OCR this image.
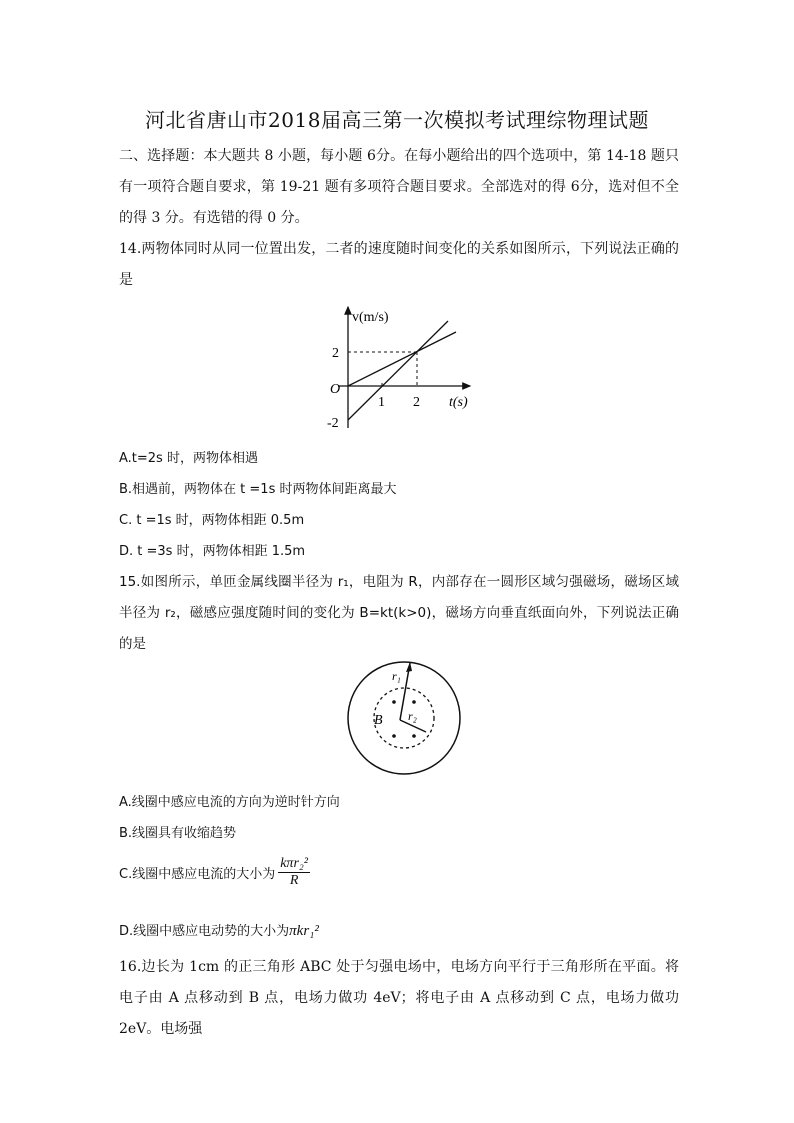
河北省唐山市2018届高三第一次模拟考试理综物理试题
二、选择题：本大题共 8 小题，每小题 6分。在每小题给出的四个选项中，第 14-18 题只有一项符合题自要求，第 19-21 题有多项符合题目要求。全部选对的得 6分，选对但不全的得 3 分。有选错的得 0 分。
14.两物体同时从同一位置出发，二者的速度随时间变化的关系如图所示，下列说法正确的是
v(m/s)
t(s)
O
2
-2
1 2
A.t=2s 时，两物体相遇
B.相遇前，两物体在 t =1s 时两物体间距离最大
C. t =1s 时，两物体相距 0.5m
D. t =3s 时，两物体相距 1.5m
15.如图所示，单匝金属线圈半径为 r₁，电阻为 R，内部存在一圆形区域匀强磁场，磁场区域半径为 r₂，磁感应强度随时间的变化为 B=kt(k>0)，磁场方向垂直纸面向外，下列说法正确的是
r₁
r₂
B
A.线圈中感应电流的方向为逆时针方向
B.线圈具有收缩趋势
C.线圈中感应电流的大小为 $\frac{\text{kπr₂²}}{R}$
D.线圈中感应电动势的大小为πkr₁²
16.边长为 1cm 的正三角形 ABC 处于匀强电场中，电场方向平行于三角形所在平面。将电子由 A 点移动到 B 点，电场力做功 4eV；将电子由 A 点移动到 C 点，电场力做功 2eV。电场强
